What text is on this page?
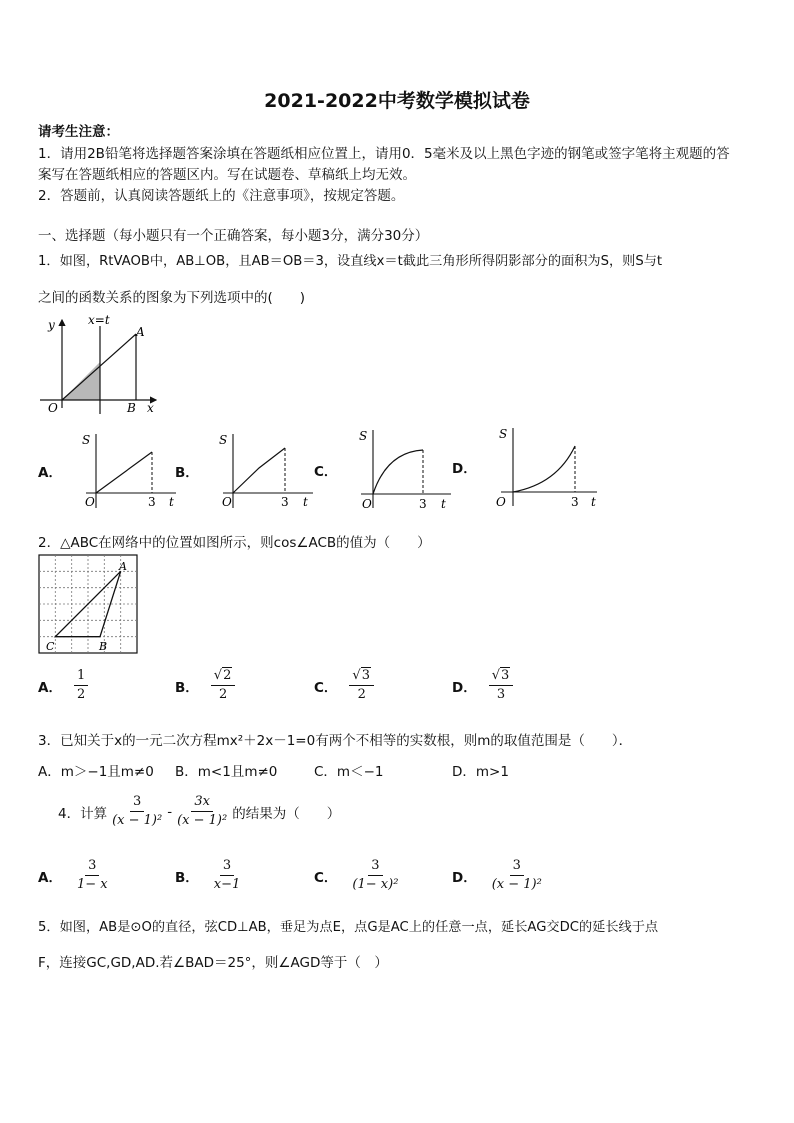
2021-2022中考数学模拟试卷
请考生注意：
1．请用2B铅笔将选择题答案涂填在答题纸相应位置上，请用0．5毫米及以上黑色字迹的钢笔或签字笔将主观题的答
案写在答题纸相应的答题区内。写在试题卷、草稿纸上均无效。
2．答题前，认真阅读答题纸上的《注意事项》，按规定答题。
一、选择题（每小题只有一个正确答案，每小题3分，满分30分）
1．如图，RtVAOB中，AB⊥OB，且AB＝OB＝3，设直线x＝t截此三角形所得阴影部分的面积为S，则S与t
之间的函数关系的图象为下列选项中的(　　)
y	x=t
A
O	B x
A．
S
O	3 t
B．
S
O	3 t
C．
S
O	3 t
D．
S
O	3 t
2．△ABC在网络中的位置如图所示，则cos∠ACB的值为（　　）
A
C	B
A． $\frac{1}{2}$	B． $\frac{√2}{2}$	C． $\frac{√3}{2}$	D． $\frac{√3}{3}$
3．已知关于x的一元二次方程mx²＋2x－1=0有两个不相等的实数根，则m的取值范围是（　　）．
A．m＞−1且m≠0 B．m<1且m≠0	C．m＜−1	D．m>1
4．计算 $\frac{3}{\text{(x − 1)²}} - \frac{3x}{\text{(x − 1)²}}$ 的结果为（　　）
A． $\frac{3}{1- x}$	B． $\frac{3}{x-1}$	C． $\frac{3}{\text{(1− x)²}}$	D． $\frac{3}{\text{(x − 1)²}}$
5．如图，AB是⊙O的直径，弦CD⊥AB，垂足为点E，点G是AC上的任意一点，延长AG交DC的延长线于点
F，连接GC,GD,AD.若∠BAD＝25°，则∠AGD等于（　）
